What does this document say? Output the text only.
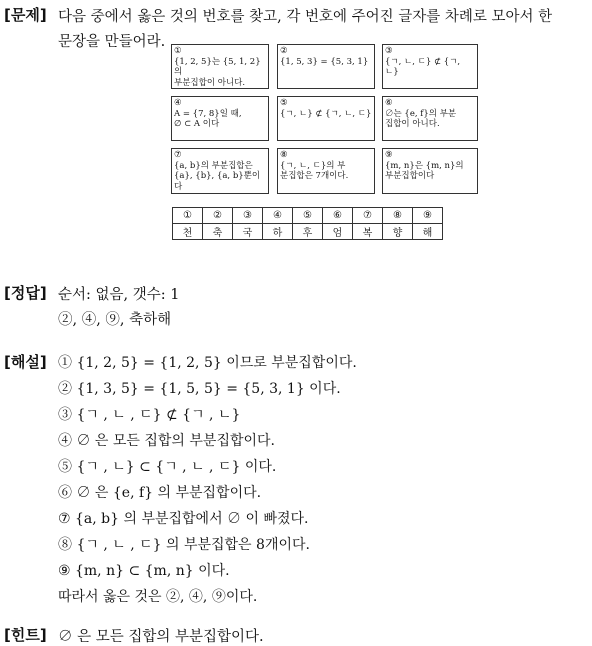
[문제] 다음 중에서 옳은 것의 번호를 찾고, 각 번호에 주어진 글자를 차례로 모아서 한
문장을 만들어라.
①
{1, 2, 5}는 {5, 1, 2}의
부분집합이 아니다.
②
{1, 5, 3} = {5, 3, 1}
③
{ㄱ, ㄴ, ㄷ} ⊄ {ㄱ, ㄴ}
④
A = {7, 8}일 때,
∅ ⊂ A 이다
⑤
{ㄱ, ㄴ} ⊄ {ㄱ, ㄴ, ㄷ}
⑥
∅는 {e, f}의 부분
집합이 아니다.
⑦
{a, b}의 부분집합은
{a}, {b}, {a, b}뿐이다
⑧
{ㄱ, ㄴ, ㄷ}의 부
분집합은 7개이다.
⑨
{m, n}은 {m, n}의
부분집합이다
①	②	③	④	⑤	⑥	⑦	⑧	⑨
천	축	국	하	후	엄	복	향	해
[정답] 순서: 없음, 갯수: 1
②, ④, ⑨, 축하해
[해설] ① {1, 2, 5} = {1, 2, 5} 이므로 부분집합이다.
② {1, 3, 5} = {1, 5, 5} = {5, 3, 1} 이다.
③ {ㄱ , ㄴ , ㄷ} ⊄ {ㄱ , ㄴ}
④ ∅ 은 모든 집합의 부분집합이다.
⑤ {ㄱ , ㄴ} ⊂ {ㄱ , ㄴ , ㄷ} 이다.
⑥ ∅ 은 {e, f} 의 부분집합이다.
⑦ {a, b} 의 부분집합에서 ∅ 이 빠졌다.
⑧ {ㄱ , ㄴ , ㄷ} 의 부분집합은 8개이다.
⑨ {m, n} ⊂ {m, n} 이다.
따라서 옳은 것은 ②, ④, ⑨이다.
[힌트] ∅ 은 모든 집합의 부분집합이다.
